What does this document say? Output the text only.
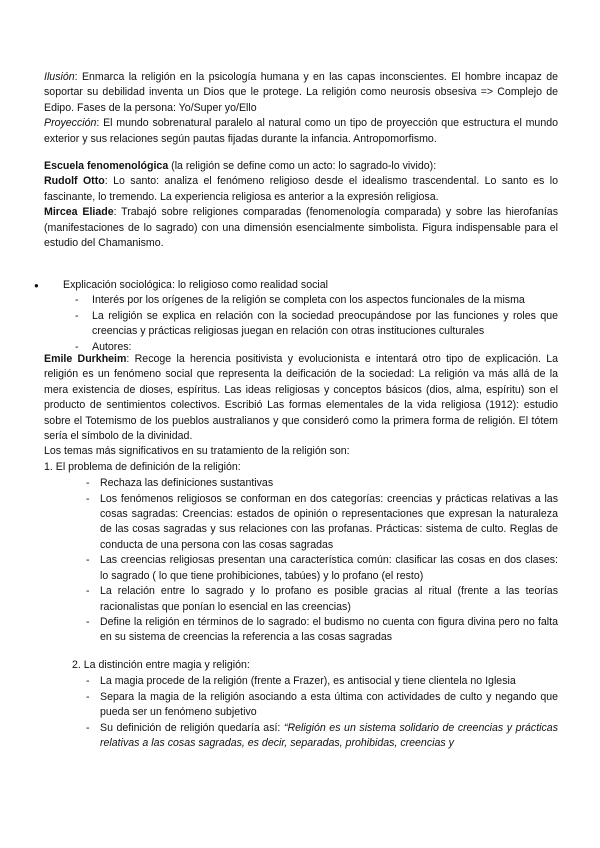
Ilusión: Enmarca la religión en la psicología humana y en las capas inconscientes. El hombre incapaz de soportar su debilidad inventa un Dios que le protege. La religión como neurosis obsesiva => Complejo de Edipo. Fases de la persona: Yo/Super yo/Ello

Proyección: El mundo sobrenatural paralelo al natural como un tipo de proyección que estructura el mundo exterior y sus relaciones según pautas fijadas durante la infancia. Antropomorfismo.

Escuela fenomenológica (la religión se define como un acto: lo sagrado-lo vivido):

Rudolf Otto: Lo santo: analiza el fenómeno religioso desde el idealismo trascendental. Lo santo es lo fascinante, lo tremendo. La experiencia religiosa es anterior a la expresión religiosa.

Mircea Eliade: Trabajó sobre religiones comparadas (fenomenología comparada) y sobre las hierofanías (manifestaciones de lo sagrado) con una dimensión esencialmente simbolista. Figura indispensable para el estudio del Chamanismo.

● Explicación sociológica: lo religioso como realidad social
- Interés por los orígenes de la religión se completa con los aspectos funcionales de la misma
- La religión se explica en relación con la sociedad preocupándose por las funciones y roles que creencias y prácticas religiosas juegan en relación con otras instituciones culturales
- Autores:

Emile Durkheim: Recoge la herencia positivista y evolucionista e intentará otro tipo de explicación. La religión es un fenómeno social que representa la deificación de la sociedad: La religión va más allá de la mera existencia de dioses, espíritus. Las ideas religiosas y conceptos básicos (dios, alma, espíritu) son el producto de sentimientos colectivos. Escribió Las formas elementales de la vida religiosa (1912): estudio sobre el Totemismo de los pueblos australianos y que consideró como la primera forma de religión. El tótem sería el símbolo de la divinidad.

Los temas más significativos en su tratamiento de la religión son:

1. El problema de definición de la religión:

- Rechaza las definiciones sustantivas
- Los fenómenos religiosos se conforman en dos categorías: creencias y prácticas relativas a las cosas sagradas: Creencias: estados de opinión o representaciones que expresan la naturaleza de las cosas sagradas y sus relaciones con las profanas. Prácticas: sistema de culto. Reglas de conducta de una persona con las cosas sagradas
- Las creencias religiosas presentan una característica común: clasificar las cosas en dos clases: lo sagrado ( lo que tiene prohibiciones, tabúes) y lo profano (el resto)
- La relación entre lo sagrado y lo profano es posible gracias al ritual (frente a las teorías racionalistas que ponían lo esencial en las creencias)
- Define la religión en términos de lo sagrado: el budismo no cuenta con figura divina pero no falta en su sistema de creencias la referencia a las cosas sagradas

2. La distinción entre magia y religión:

- La magia procede de la religión (frente a Frazer), es antisocial y tiene clientela no Iglesia
- Separa la magia de la religión asociando a esta última con actividades de culto y negando que pueda ser un fenómeno subjetivo
- Su definición de religión quedaría así: “Religión es un sistema solidario de creencias y prácticas relativas a las cosas sagradas, es decir, separadas, prohibidas, creencias y
